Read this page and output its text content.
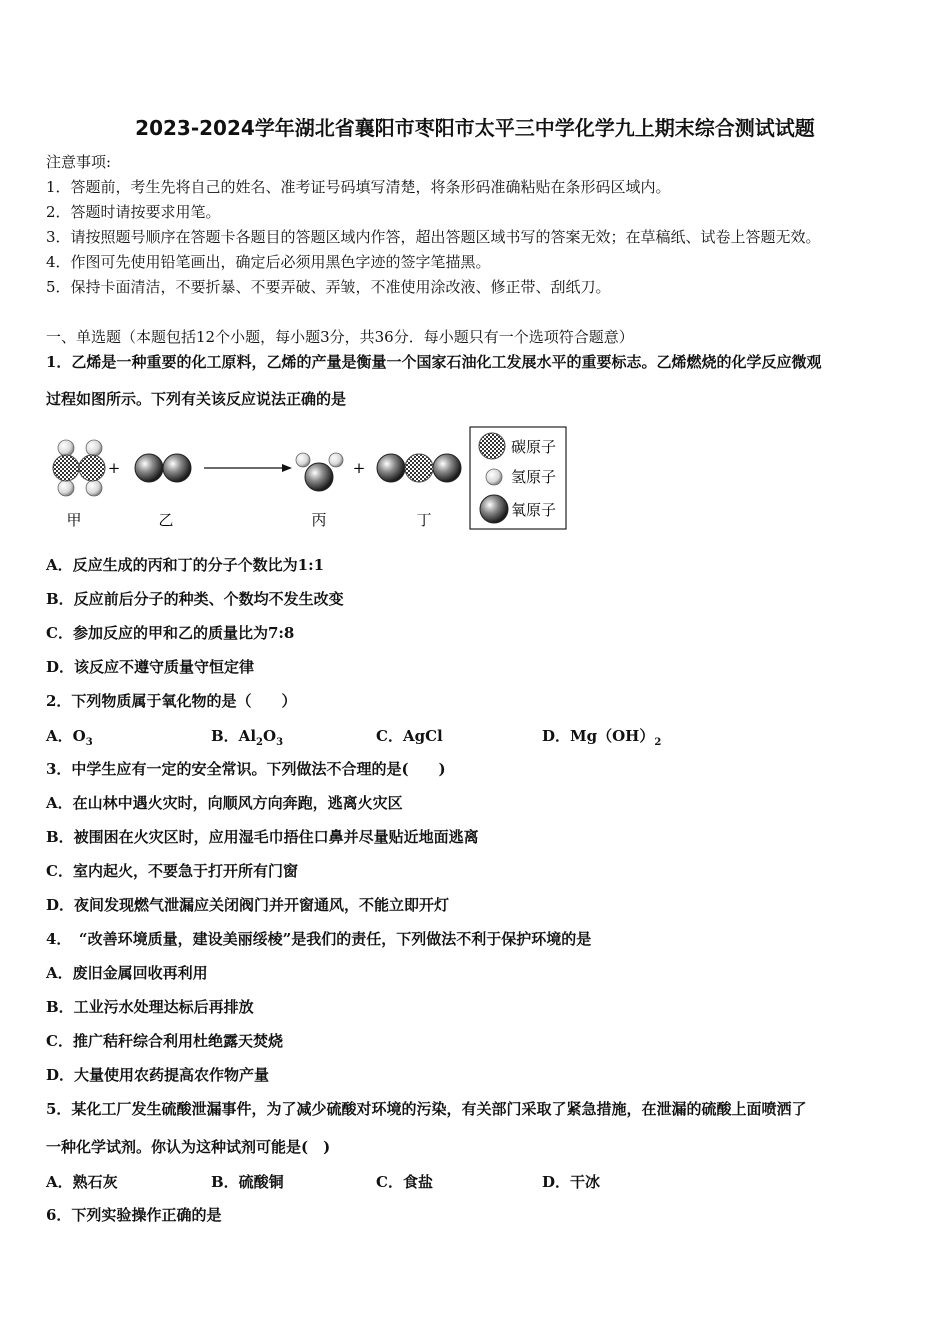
2023-2024学年湖北省襄阳市枣阳市太平三中学化学九上期末综合测试试题
注意事项:
1．答题前，考生先将自己的姓名、准考证号码填写清楚，将条形码准确粘贴在条形码区域内。
2．答题时请按要求用笔。
3．请按照题号顺序在答题卡各题目的答题区域内作答，超出答题区域书写的答案无效；在草稿纸、试卷上答题无效。
4．作图可先使用铅笔画出，确定后必须用黑色字迹的签字笔描黑。
5．保持卡面清洁，不要折暴、不要弄破、弄皱，不准使用涂改液、修正带、刮纸刀。
一、单选题（本题包括12个小题，每小题3分，共36分．每小题只有一个选项符合题意）
1．乙烯是一种重要的化工原料，乙烯的产量是衡量一个国家石油化工发展水平的重要标志。乙烯燃烧的化学反应微观
过程如图所示。下列有关该反应说法正确的是
+	+
甲	乙	丙	丁
碳原子
氢原子
氧原子
A．反应生成的丙和丁的分子个数比为1:1
B．反应前后分子的种类、个数均不发生改变
C．参加反应的甲和乙的质量比为7:8
D．该反应不遵守质量守恒定律
2．下列物质属于氧化物的是（　　）
A．$O_3$	B．$Al_2O_3$	C．AgCl	D．$Mg(OH)_2$
3．中学生应有一定的安全常识。下列做法不合理的是(　　)
A．在山林中遇火灾时，向顺风方向奔跑，逃离火灾区
B．被围困在火灾区时，应用湿毛巾捂住口鼻并尽量贴近地面逃离
C．室内起火，不要急于打开所有门窗
D．夜间发现燃气泄漏应关闭阀门并开窗通风，不能立即开灯
4．　“改善环境质量，建设美丽绥棱”是我们的责任，下列做法不利于保护环境的是
A．废旧金属回收再利用
B．工业污水处理达标后再排放
C．推广秸秆综合利用杜绝露天焚烧
D．大量使用农药提高农作物产量
5．某化工厂发生硫酸泄漏事件，为了减少硫酸对环境的污染，有关部门采取了紧急措施，在泄漏的硫酸上面喷洒了
一种化学试剂。你认为这种试剂可能是(　)
A．熟石灰	B．硫酸铜	C．食盐	D．干冰
6．下列实验操作正确的是
